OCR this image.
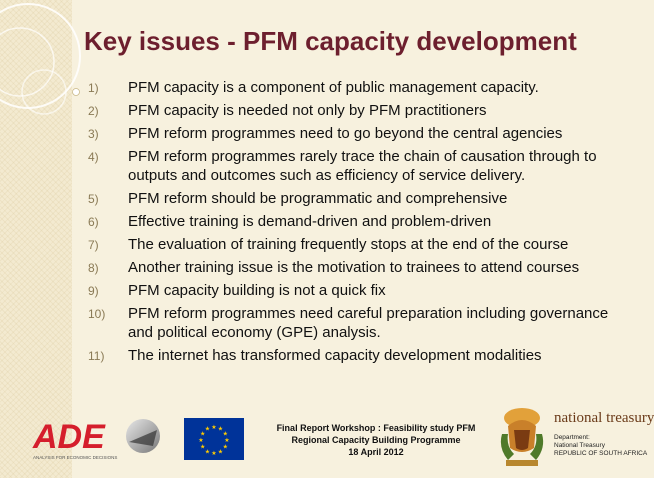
Key issues - PFM capacity development
1) PFM capacity is a component of public management capacity.
2) PFM capacity is needed not only by PFM practitioners
3) PFM reform programmes need to go beyond the central agencies
4) PFM reform programmes rarely trace the chain of causation through to outputs and outcomes such as efficiency of service delivery.
5) PFM reform should be programmatic and comprehensive
6) Effective training is demand-driven and problem-driven
7) The evaluation of training frequently stops at the end of the course
8) Another training issue is the motivation to trainees to attend courses
9) PFM capacity building is not a quick fix
10) PFM reform programmes need careful preparation including governance and political economy (GPE) analysis.
11) The internet has transformed capacity development modalities
ADE
ANALYSIS FOR ECONOMIC DECISIONS
★
★
★
★
★
★
★
★
★ ★ ★
★
Final Report Workshop : Feasibility study PFM
Regional Capacity Building Programme
18 April 2012
national treasury
Department:
National Treasury
REPUBLIC OF SOUTH AFRICA
